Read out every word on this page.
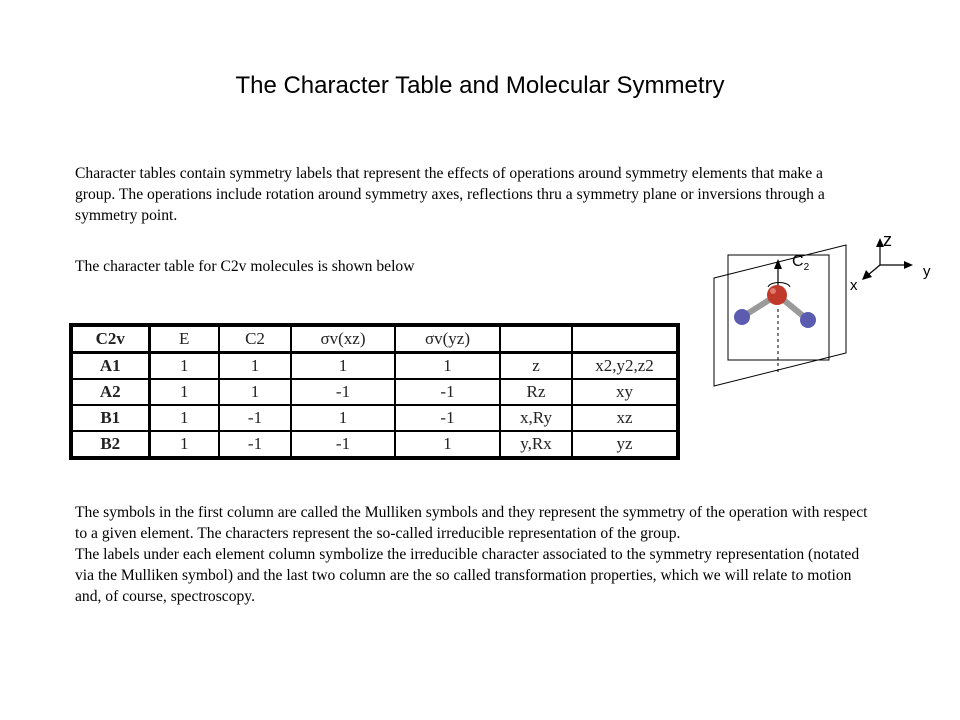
The Character Table and Molecular Symmetry

Character tables contain symmetry labels that represent the effects of operations around symmetry elements that make a group. The operations include rotation around symmetry axes, reflections thru a symmetry plane or inversions through a symmetry point.

The character table for C2v molecules is shown below

C2v	E	C2	σv(xz)	σv(yz)		
A1	1	1	1	1	z	x2,y2,z2
A2	1	1	-1	-1	Rz	xy
B1	1	-1	1	-1	x,Ry	xz
B2	1	-1	-1	1	y,Rx	yz
z
y
x
$C_2$

The symbols in the first column are called the Mulliken symbols and they represent the symmetry of the operation with respect to a given element. The characters represent the so-called irreducible representation of the group.

The labels under each element column symbolize the irreducible character associated to the symmetry representation (notated via the Mulliken symbol) and the last two column are the so called transformation properties, which we will relate to motion and, of course, spectroscopy.
